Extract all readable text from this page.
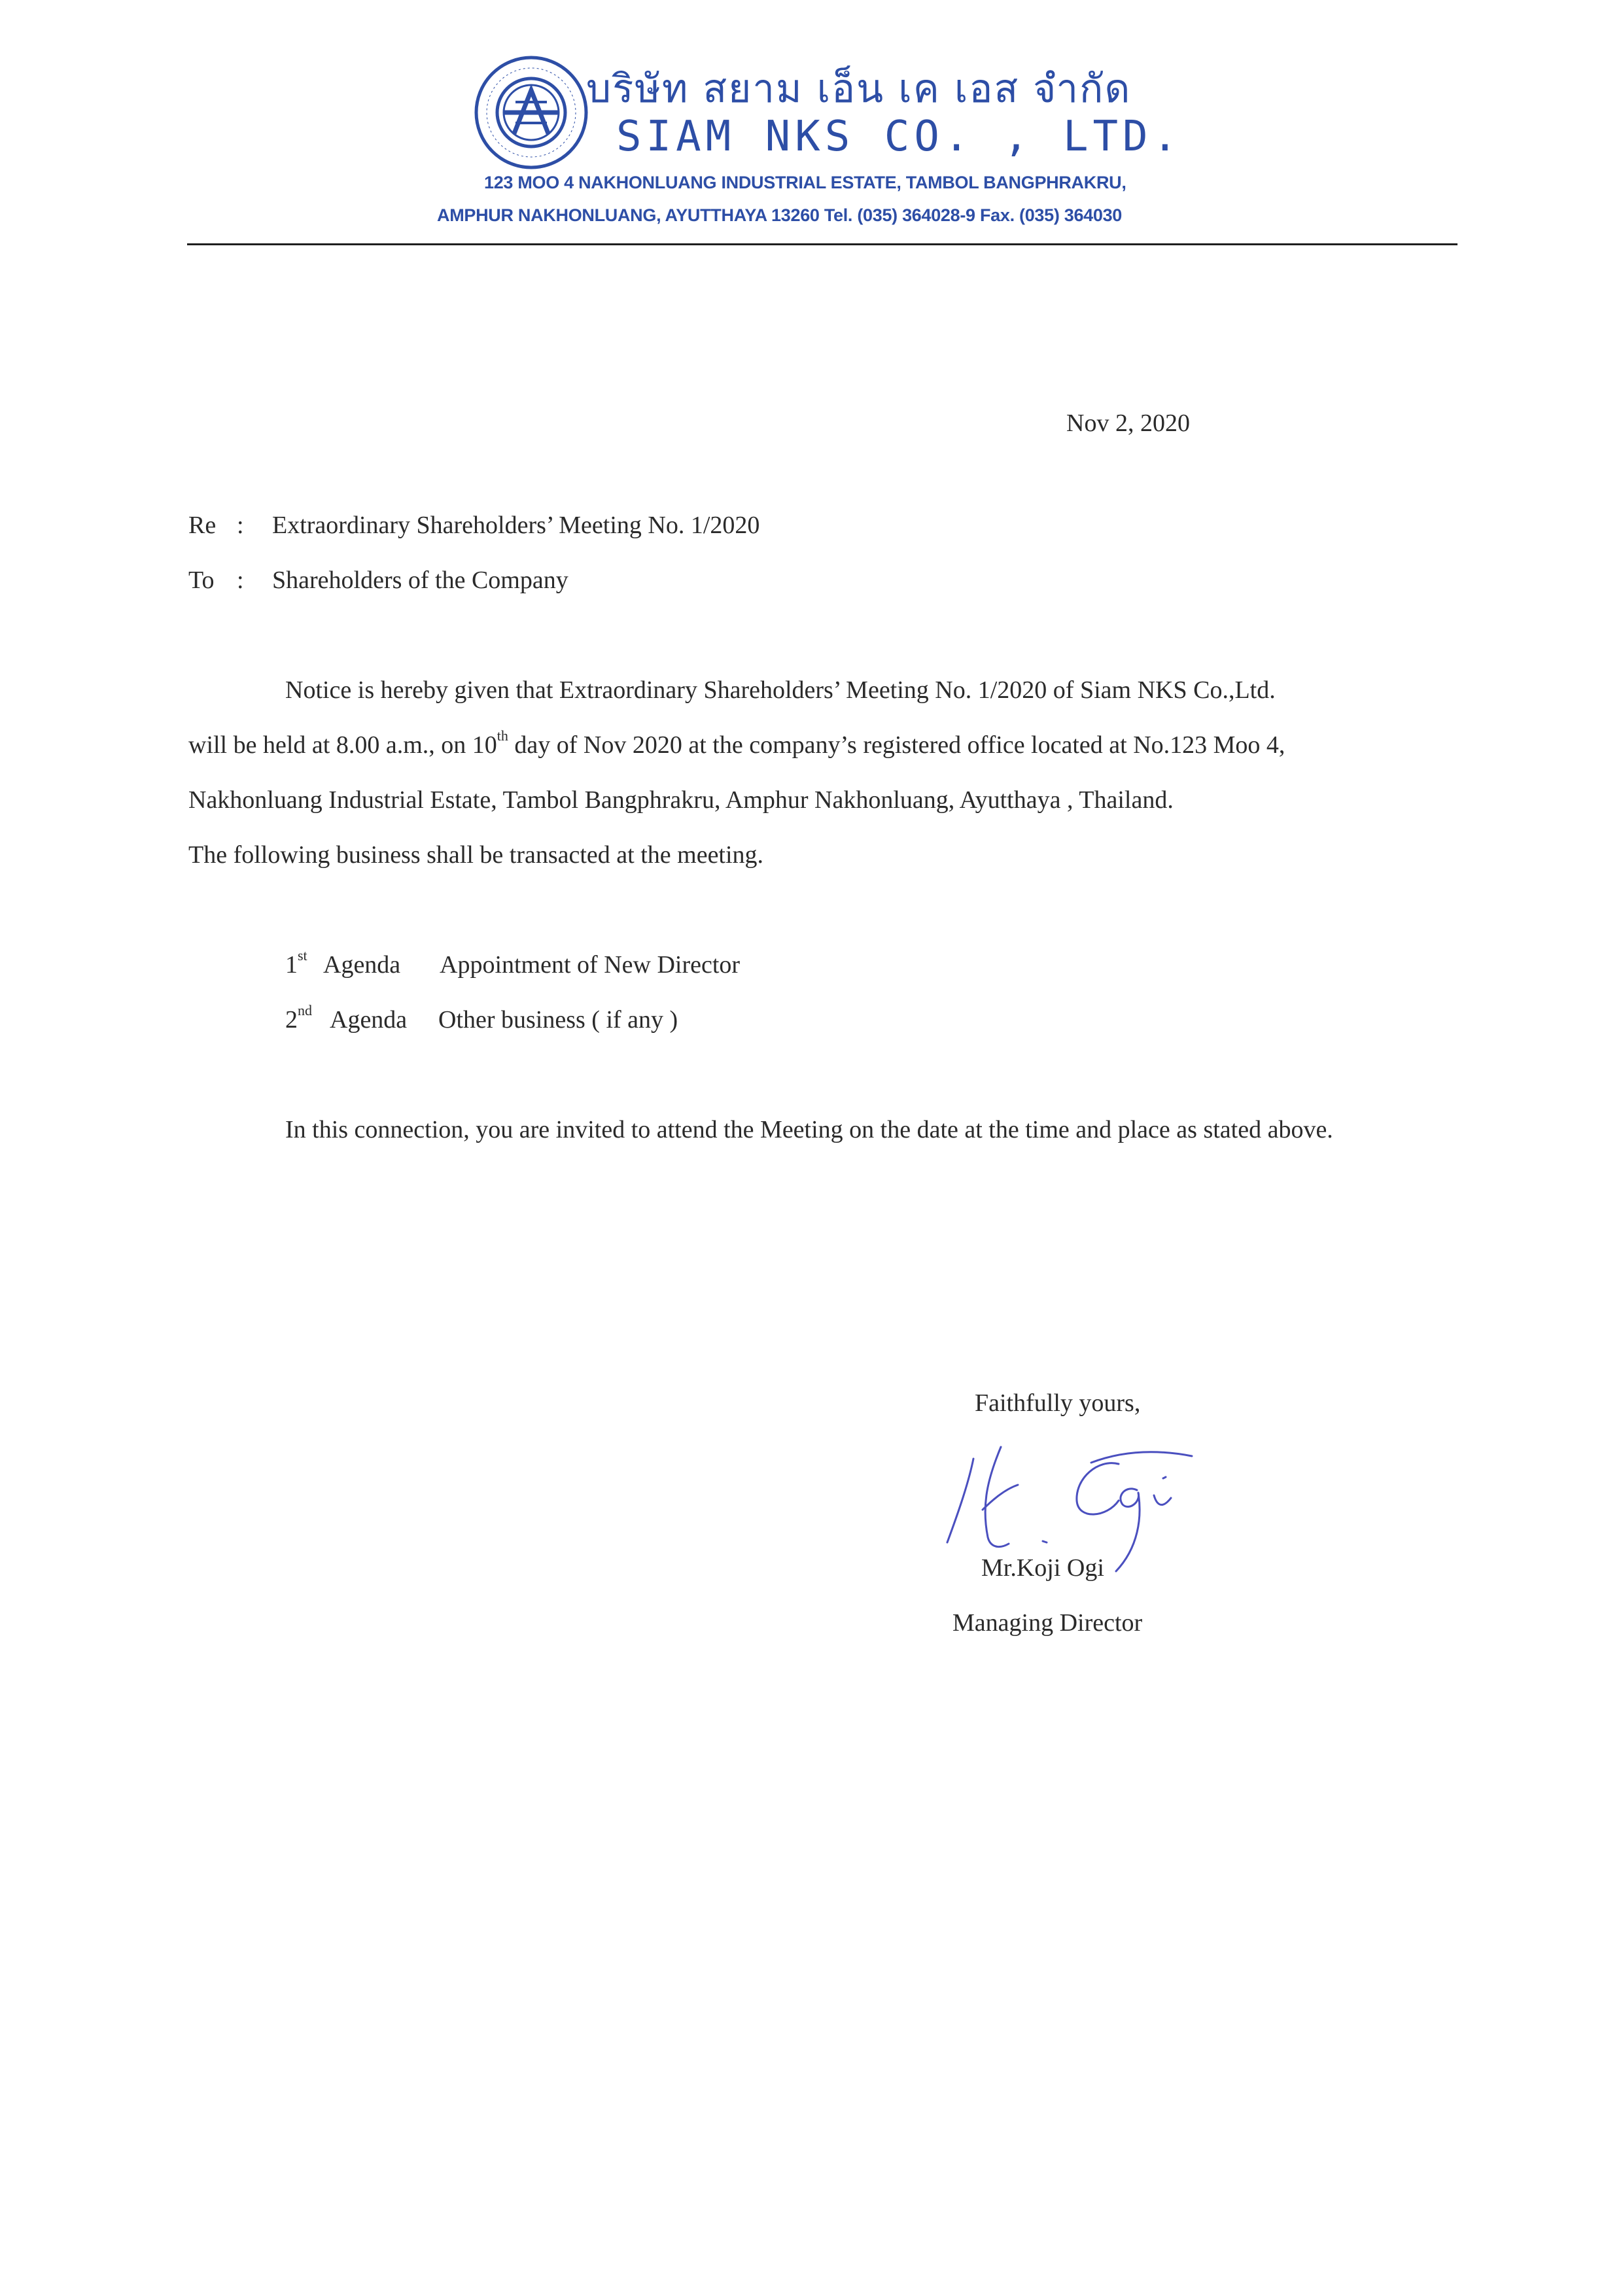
บริษัท สยาม เอ็น เค เอส จำกัด
SIAM NKS CO. , LTD.
123 MOO 4 NAKHONLUANG INDUSTRIAL ESTATE, TAMBOL BANGPHRAKRU,
AMPHUR NAKHONLUANG, AYUTTHAYA 13260 Tel. (035) 364028-9 Fax. (035) 364030
Nov 2, 2020
Re : Extraordinary Shareholders’ Meeting No. 1/2020
To : Shareholders of the Company
Notice is hereby given that Extraordinary Shareholders’ Meeting No. 1/2020 of Siam NKS Co.,Ltd.
will be held at 8.00 a.m., on 10th day of Nov 2020 at the company’s registered office located at No.123 Moo 4,
Nakhonluang Industrial Estate, Tambol Bangphrakru, Amphur Nakhonluang, Ayutthaya , Thailand.
The following business shall be transacted at the meeting.
1st Agenda Appointment of New Director
2nd Agenda Other business ( if any )
In this connection, you are invited to attend the Meeting on the date at the time and place as stated above.
Faithfully yours,
Mr.Koji Ogi
Managing Director
